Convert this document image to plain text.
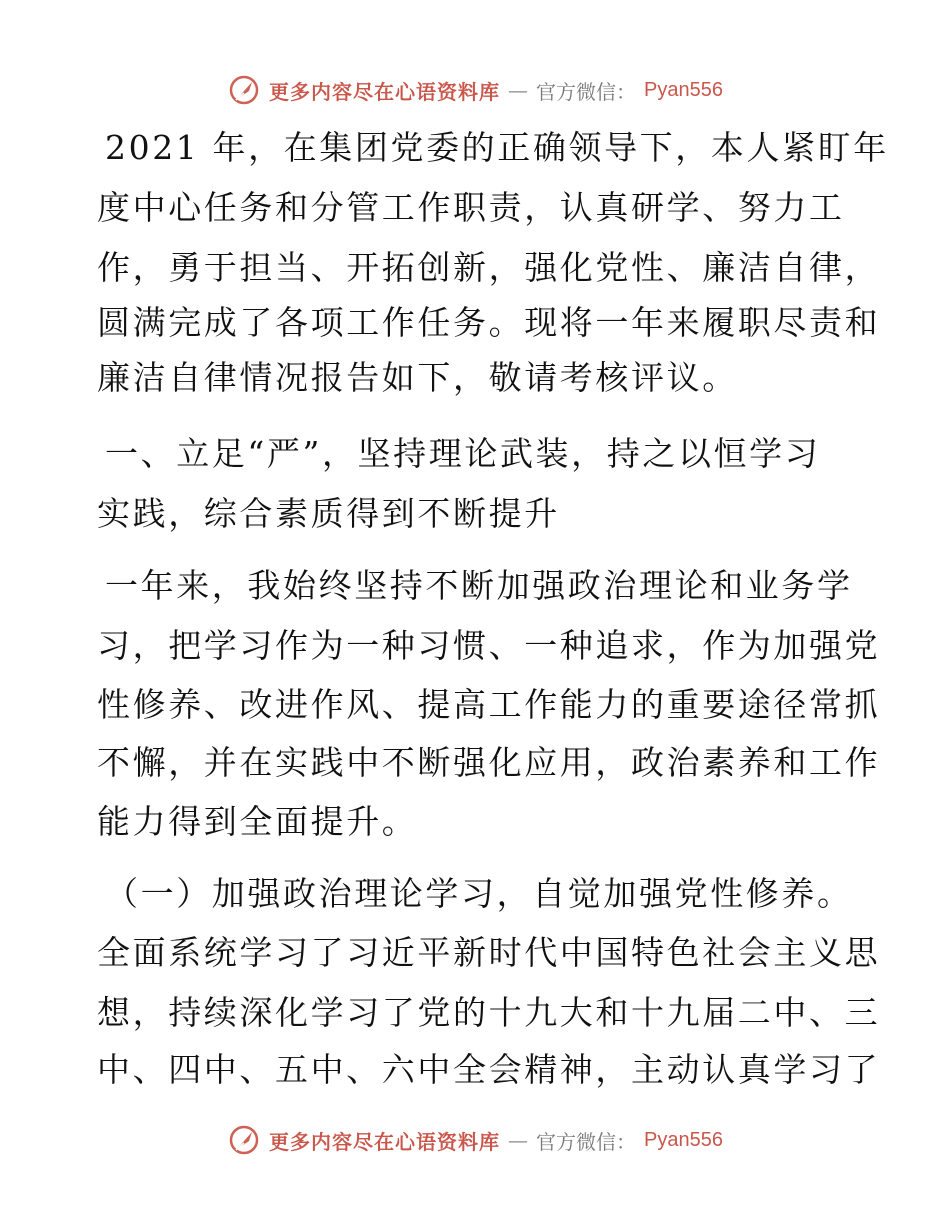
更多内容尽在心语资料库 — 官方微信： Pyan556
2021 年，在集团党委的正确领导下，本人紧盯年
度中心任务和分管工作职责，认真研学、努力工
作，勇于担当、开拓创新，强化党性、廉洁自律，
圆满完成了各项工作任务。现将一年来履职尽责和
廉洁自律情况报告如下，敬请考核评议。
一、立足“严”，坚持理论武装，持之以恒学习
实践，综合素质得到不断提升
一年来，我始终坚持不断加强政治理论和业务学
习，把学习作为一种习惯、一种追求，作为加强党
性修养、改进作风、提高工作能力的重要途径常抓
不懈，并在实践中不断强化应用，政治素养和工作
能力得到全面提升。
（一）加强政治理论学习，自觉加强党性修养。
全面系统学习了习近平新时代中国特色社会主义思
想，持续深化学习了党的十九大和十九届二中、三
中、四中、五中、六中全会精神，主动认真学习了
更多内容尽在心语资料库 — 官方微信： Pyan556
